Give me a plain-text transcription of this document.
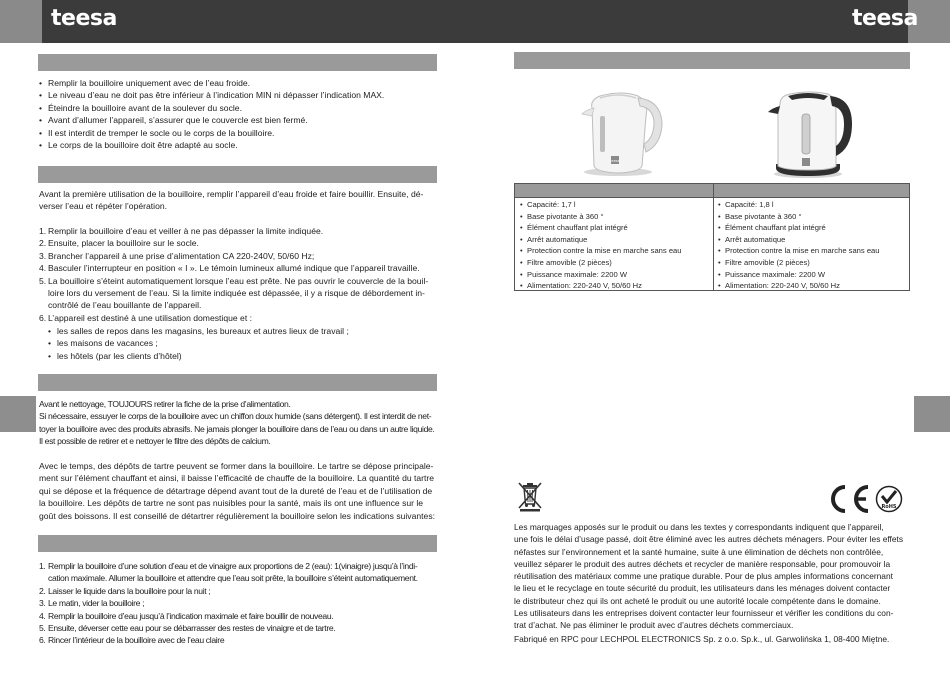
teesa	teesa
• Remplir la bouilloire uniquement avec de l’eau froide.
• Le niveau d’eau ne doit pas être inférieur à l’indication MIN ni dépasser l’indication MAX.
• Éteindre la bouilloire avant de la soulever du socle.
• Avant d’allumer l’appareil, s’assurer que le couvercle est bien fermé.
• Il est interdit de tremper le socle ou le corps de la bouilloire.
• Le corps de la bouilloire doit être adapté au socle.
Avant la première utilisation de la bouilloire, remplir l’appareil d’eau froide et faire bouillir. Ensuite, dé-
verser l’eau et répéter l’opération.
1. Remplir la bouilloire d’eau et veiller à ne pas dépasser la limite indiquée.
2. Ensuite, placer la bouilloire sur le socle.
3. Brancher l’appareil à une prise d’alimentation CA 220-240V, 50/60 Hz;
4. Basculer l’interrupteur en position « I ». Le témoin lumineux allumé indique que l’appareil travaille.
5. La bouilloire s’éteint automatiquement lorsque l’eau est prête. Ne pas ouvrir le couvercle de la bouil-
loire lors du versement de l’eau. Si la limite indiquée est dépassée, il y a risque de débordement in-
contrôlé de l’eau bouillante de l’appareil.
6. L’appareil est destiné à une utilisation domestique et :
• les salles de repos dans les magasins, les bureaux et autres lieux de travail ;
• les maisons de vacances ;
• les hôtels (par les clients d’hôtel)
Avant le nettoyage, TOUJOURS retirer la fiche de la prise d’alimentation.
Si nécessaire, essuyer le corps de la bouilloire avec un chiffon doux humide (sans détergent). Il est interdit de net-
toyer la bouilloire avec des produits abrasifs. Ne jamais plonger la bouilloire dans de l’eau ou dans un autre liquide.
Il est possible de retirer et e nettoyer le filtre des dépôts de calcium.
Avec le temps, des dépôts de tartre peuvent se former dans la bouilloire. Le tartre se dépose principale-
ment sur l’élément chauffant et ainsi, il baisse l’efficacité de chauffe de la bouilloire. La quantité du tartre
qui se dépose et la fréquence de détartrage dépend avant tout de la dureté de l’eau et de l’utilisation de
la bouilloire. Les dépôts de tartre ne sont pas nuisibles pour la santé, mais ils ont une influence sur le
goût des boissons. Il est conseillé de détartrer régulièrement la bouilloire selon les indications suivantes:
1. Remplir la bouilloire d’une solution d’eau et de vinaigre aux proportions de 2 (eau): 1(vinaigre) jusqu’à l’indi-
cation maximale. Allumer la bouilloire et attendre que l’eau soit prête, la bouilloire s’éteint automatiquement.
2. Laisser le liquide dans la bouilloire pour la nuit ;
3. Le matin, vider la bouilloire ;
4. Remplir la bouilloire d’eau jusqu’à l’indication maximale et faire bouillir de nouveau.
5. Ensuite, déverser cette eau pour se débarrasser des restes de vinaigre et de tartre.
6. Rincer l’intérieur de la bouilloire avec de l’eau claire
teesa
• Capacité: 1,7 l
• Base pivotante à 360 °
• Élément chauffant plat intégré
• Arrêt automatique
• Protection contre la mise en marche sans eau
• Filtre amovible (2 pièces)
• Puissance maximale: 2200 W
• Alimentation: 220-240 V, 50/60 Hz
• Capacité: 1,8 l
• Base pivotante à 360 °
• Élément chauffant plat intégré
• Arrêt automatique
• Protection contre la mise en marche sans eau
• Filtre amovible (2 pièces)
• Puissance maximale: 2200 W
• Alimentation: 220-240 V, 50/60 Hz
RoHS
Les marquages apposés sur le produit ou dans les textes y correspondants indiquent que l’appareil,
une fois le délai d’usage passé, doit être éliminé avec les autres déchets ménagers. Pour éviter les effets
néfastes sur l’environnement et la santé humaine, suite à une élimination de déchets non contrôlée,
veuillez séparer le produit des autres déchets et recycler de manière responsable, pour promouvoir la
réutilisation des matériaux comme une pratique durable. Pour de plus amples informations concernant
le lieu et le recyclage en toute sécurité du produit, les utilisateurs dans les ménages doivent contacter
le distributeur chez qui ils ont acheté le produit ou une autorité locale compétente dans le domaine.
Les utilisateurs dans les entreprises doivent contacter leur fournisseur et vérifier les conditions du con-
trat d’achat. Ne pas éliminer le produit avec d’autres déchets commerciaux.
Fabriqué en RPC pour LECHPOL ELECTRONICS Sp. z o.o. Sp.k., ul. Garwolińska 1, 08-400 Miętne.
